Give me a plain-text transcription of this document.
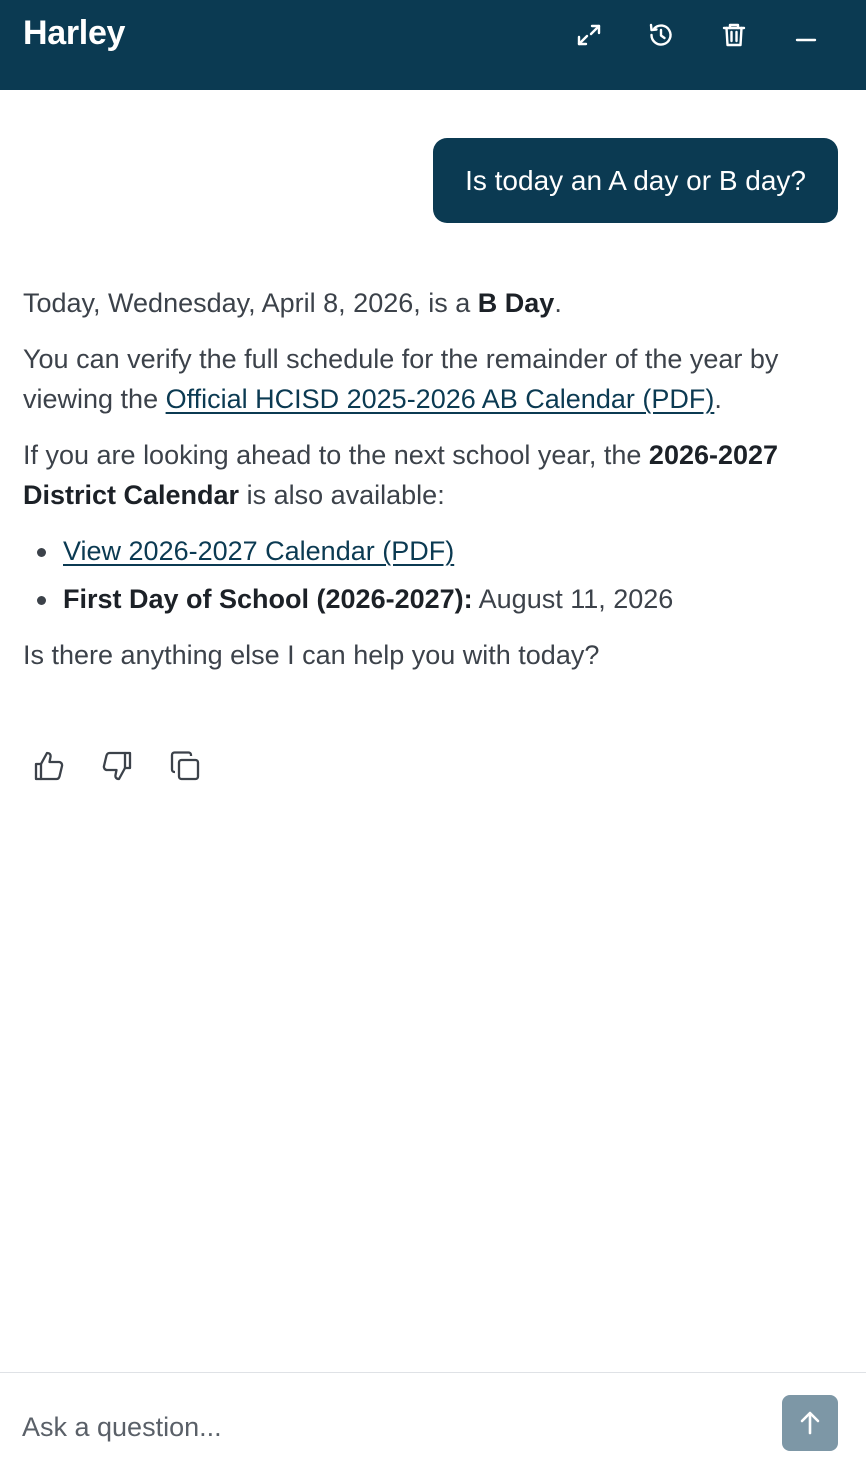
Harley
Is today an A day or B day?

Today, Wednesday, April 8, 2026, is a B Day.

You can verify the full schedule for the remainder of the year by viewing the Official HCISD 2025-2026 AB Calendar (PDF).

If you are looking ahead to the next school year, the 2026-2027 District Calendar is also available:

View 2026-2027 Calendar (PDF)
First Day of School (2026-2027): August 11, 2026

Is there anything else I can help you with today?

Ask a question...
